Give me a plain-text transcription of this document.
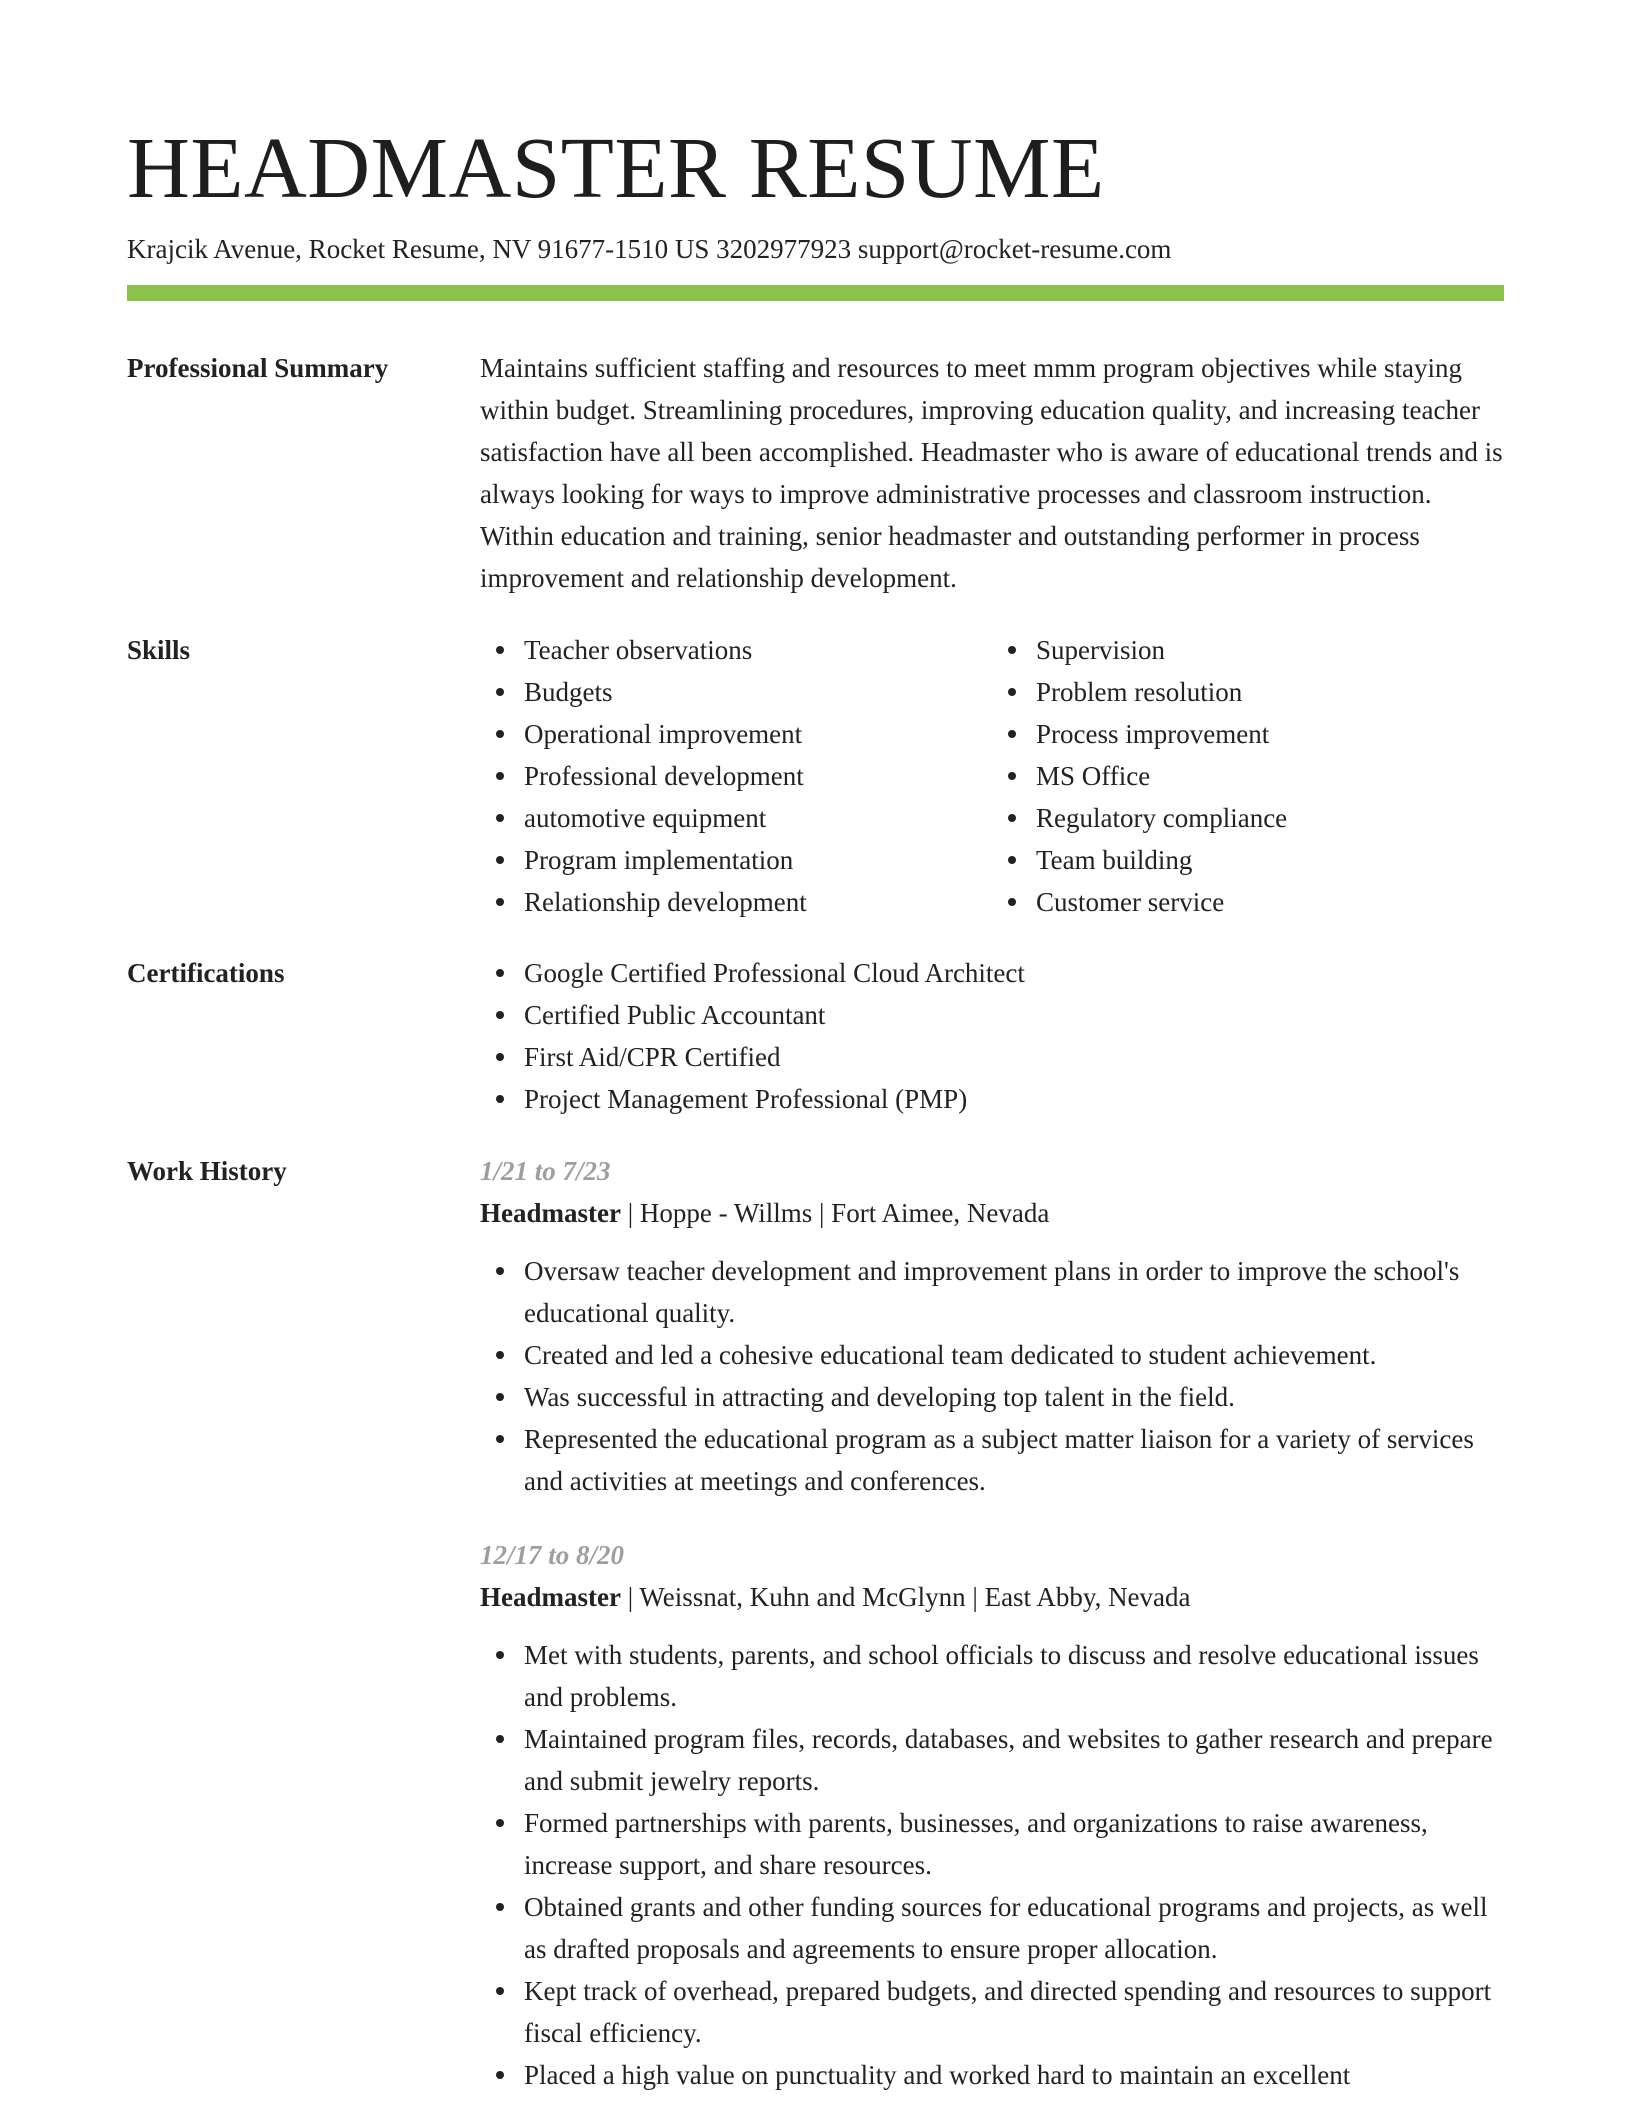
HEADMASTER RESUME
Krajcik Avenue, Rocket Resume, NV 91677-1510 US 3202977923 support@rocket-resume.com
Professional Summary	Maintains sufficient staffing and resources to meet mmm program objectives while staying within budget. Streamlining procedures, improving education quality, and increasing teacher satisfaction have all been accomplished. Headmaster who is aware of educational trends and is always looking for ways to improve administrative processes and classroom instruction. Within education and training, senior headmaster and outstanding performer in process improvement and relationship development.

Skills	Teacher observations
Budgets
Operational improvement
Professional development
automotive equipment
Program implementation
Relationship development
Supervision
Problem resolution
Process improvement
MS Office
Regulatory compliance
Team building
Customer service
Certifications	Google Certified Professional Cloud Architect
Certified Public Accountant
First Aid/CPR Certified
Project Management Professional (PMP)
Work History	1/21 to 7/23
Headmaster | Hoppe - Willms | Fort Aimee, Nevada
Oversaw teacher development and improvement plans in order to improve the school's educational quality.
Created and led a cohesive educational team dedicated to student achievement.
Was successful in attracting and developing top talent in the field.
Represented the educational program as a subject matter liaison for a variety of services and activities at meetings and conferences.
12/17 to 8/20
Headmaster | Weissnat, Kuhn and McGlynn | East Abby, Nevada
Met with students, parents, and school officials to discuss and resolve educational issues and problems.
Maintained program files, records, databases, and websites to gather research and prepare and submit jewelry reports.
Formed partnerships with parents, businesses, and organizations to raise awareness, increase support, and share resources.
Obtained grants and other funding sources for educational programs and projects, as well as drafted proposals and agreements to ensure proper allocation.
Kept track of overhead, prepared budgets, and directed spending and resources to support fiscal efficiency.
Placed a high value on punctuality and worked hard to maintain an excellent
